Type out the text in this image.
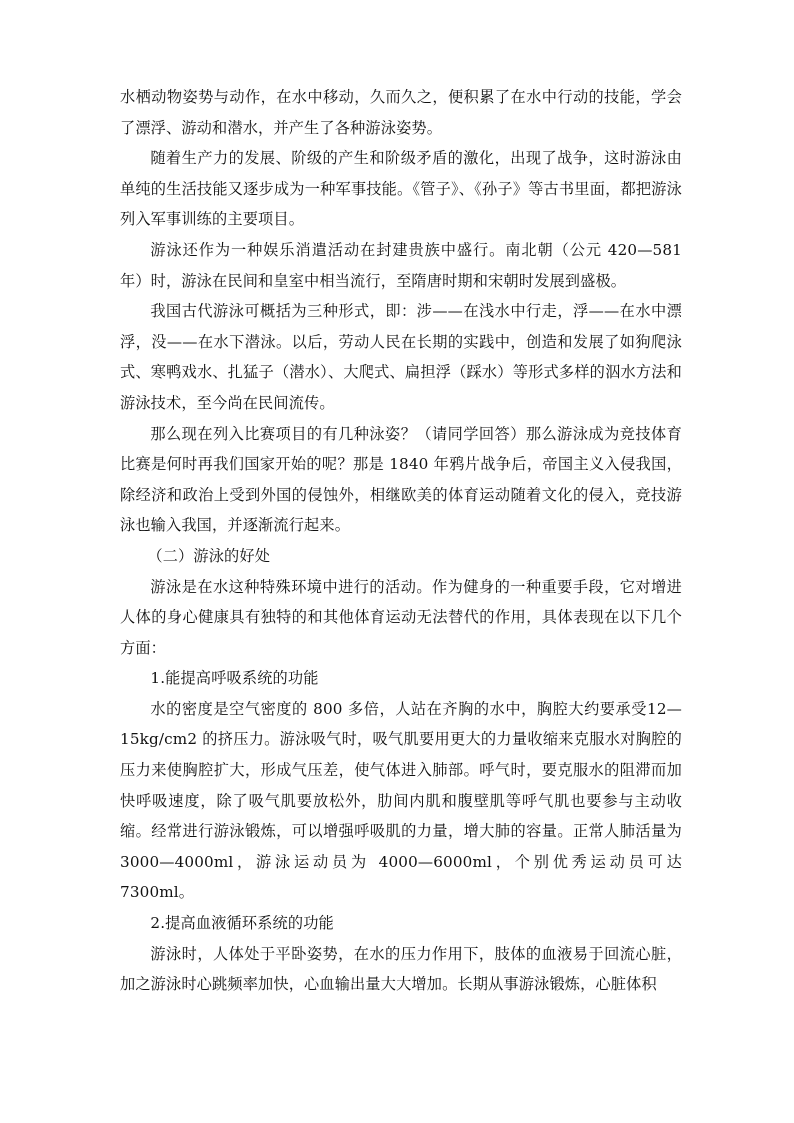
水栖动物姿势与动作，在水中移动，久而久之，便积累了在水中行动的技能，学会了漂浮、游动和潜水，并产生了各种游泳姿势。

随着生产力的发展、阶级的产生和阶级矛盾的激化，出现了战争，这时游泳由单纯的生活技能又逐步成为一种军事技能。《管子》、《孙子》等古书里面，都把游泳列入军事训练的主要项目。

游泳还作为一种娱乐消遣活动在封建贵族中盛行。南北朝（公元 420—581 年）时，游泳在民间和皇室中相当流行，至隋唐时期和宋朝时发展到盛极。

我国古代游泳可概括为三种形式，即：涉——在浅水中行走，浮——在水中漂浮，没——在水下潜泳。以后，劳动人民在长期的实践中，创造和发展了如狗爬泳式、寒鸭戏水、扎猛子（潜水）、大爬式、扁担浮（踩水）等形式多样的泅水方法和游泳技术，至今尚在民间流传。

那么现在列入比赛项目的有几种泳姿？（请同学回答）那么游泳成为竞技体育比赛是何时再我们国家开始的呢？那是 1840 年鸦片战争后，帝国主义入侵我国，除经济和政治上受到外国的侵蚀外，相继欧美的体育运动随着文化的侵入，竞技游泳也输入我国，并逐渐流行起来。

（二）游泳的好处

游泳是在水这种特殊环境中进行的活动。作为健身的一种重要手段，它对增进人体的身心健康具有独特的和其他体育运动无法替代的作用，具体表现在以下几个方面：

1.能提高呼吸系统的功能

水的密度是空气密度的 800 多倍，人站在齐胸的水中，胸腔大约要承受12—15kg/cm2 的挤压力。游泳吸气时，吸气肌要用更大的力量收缩来克服水对胸腔的压力来使胸腔扩大，形成气压差，使气体进入肺部。呼气时，要克服水的阻滞而加快呼吸速度，除了吸气肌要放松外，肋间内肌和腹壁肌等呼气肌也要参与主动收缩。经常进行游泳锻炼，可以增强呼吸肌的力量，增大肺的容量。正常人肺活量为 3000—4000ml，游泳运动员为 4000—6000ml，个别优秀运动员可达7300ml。

2.提高血液循环系统的功能

游泳时，人体处于平卧姿势，在水的压力作用下，肢体的血液易于回流心脏，加之游泳时心跳频率加快，心血输出量大大增加。长期从事游泳锻炼，心脏体积
